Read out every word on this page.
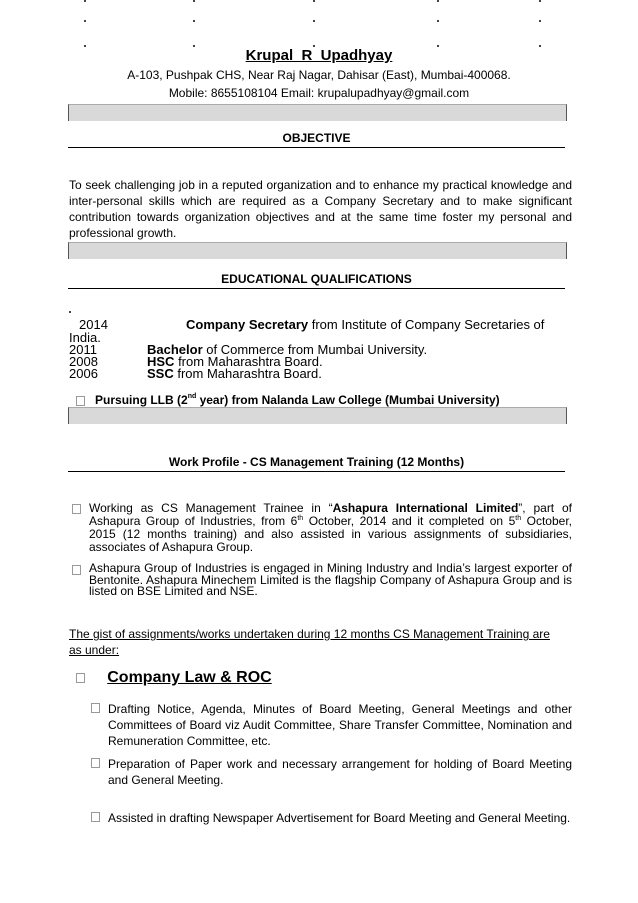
Krupal  R  Upadhyay
A-103, Pushpak CHS, Near Raj Nagar, Dahisar (East), Mumbai-400068.
Mobile: 8655108104 Email: krupalupadhyay@gmail.com
OBJECTIVE
To seek challenging job in a reputed organization and to enhance my practical knowledge and inter-personal skills which are required as a Company Secretary and to make significant contribution towards organization objectives and at the same time foster my personal and professional growth.
EDUCATIONAL QUALIFICATIONS
2014	Company Secretary from Institute of Company Secretaries of
India.
2011	Bachelor of Commerce from Mumbai University.
2008	HSC from Maharashtra Board.
2006	SSC from Maharashtra Board.
Pursuing LLB (2nd year) from Nalanda Law College (Mumbai University)
Work Profile - CS Management Training (12 Months)
Working as CS Management Trainee in “Ashapura International Limited”, part of Ashapura Group of Industries, from 6th October, 2014 and it completed on 5th October, 2015 (12 months training) and also assisted in various assignments of subsidiaries, associates of Ashapura Group.
Ashapura Group of Industries is engaged in Mining Industry and India’s largest exporter of Bentonite. Ashapura Minechem Limited is the flagship Company of Ashapura Group and is listed on BSE Limited and NSE.
The gist of assignments/works undertaken during 12 months CS Management Training are as under:
Company Law & ROC
Drafting Notice, Agenda, Minutes of Board Meeting, General Meetings and other Committees of Board viz Audit Committee, Share Transfer Committee, Nomination and Remuneration Committee, etc.
Preparation of Paper work and necessary arrangement for holding of Board Meeting and General Meeting.
Assisted in drafting Newspaper Advertisement for Board Meeting and General Meeting.
